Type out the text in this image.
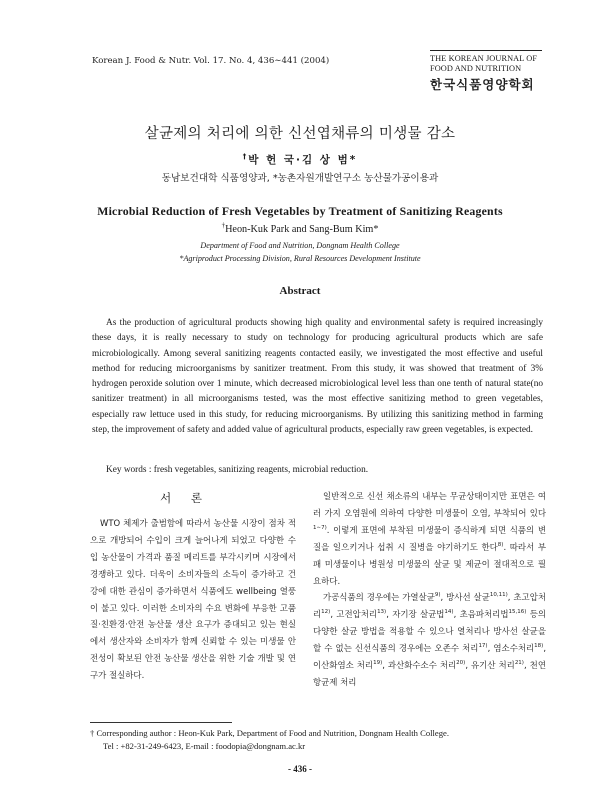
Korean J. Food & Nutr. Vol. 17. No. 4, 436∼441 (2004)	THE KOREAN JOURNAL OF
FOOD AND NUTRITION
한국식품영양학회
살균제의 처리에 의한 신선엽채류의 미생물 감소
†박 헌 국·김 상 범*
동남보건대학 식품영양과, *농촌자원개발연구소 농산물가공이용과
Microbial Reduction of Fresh Vegetables by Treatment of Sanitizing Reagents
†Heon-Kuk Park and Sang-Bum Kim*
Department of Food and Nutrition, Dongnam Health College
*Agriproduct Processing Division, Rural Resources Development Institute
Abstract

As the production of agricultural products showing high quality and environmental safety is required increasingly these days, it is really necessary to study on technology for producing agricultural products which are safe microbiologically. Among several sanitizing reagents contacted easily, we investigated the most effective and useful method for reducing microorganisms by sanitizer treatment. From this study, it was showed that treatment of 3% hydrogen peroxide solution over 1 minute, which decreased microbiological level less than one tenth of natural state(no sanitizer treatment) in all microorganisms tested, was the most effective sanitizing method to green vegetables, especially raw lettuce used in this study, for reducing microorganisms. By utilizing this sanitizing method in farming step, the improvement of safety and added value of agricultural products, especially raw green vegetables, is expected.

Key words : fresh vegetables, sanitizing reagents, microbial reduction.
서 론

WTO 체제가 출범함에 따라서 농산물 시장이 점차 적으로 개방되어 수입이 크게 늘어나게 되었고 다양한 수입 농산물이 가격과 품질 메리트를 부각시키며 시장에서 경쟁하고 있다. 더욱이 소비자들의 소득이 증가하고 건강에 대한 관심이 증가하면서 식품에도 wellbeing 열풍이 불고 있다. 이러한 소비자의 수요 변화에 부응한 고품질·친환경·안전 농산물 생산 요구가 증대되고 있는 현실에서 생산자와 소비자가 함께 신뢰할 수 있는 미생물 안전성이 확보된 안전 농산물 생산을 위한 기술 개발 및 연구가 절실하다.

일반적으로 신선 채소류의 내부는 무균상태이지만 표면은 여러 가지 오염원에 의하여 다양한 미생물이 오염, 부착되어 있다$^{1\sim 7)}$. 이렇게 표면에 부착된 미생물이 증식하게 되면 식품의 변질을 일으키거나 섭취 시 질병을 야기하기도 한다$^{8)}$. 따라서 부패 미생물이나 병원성 미생물의 살균 및 제균이 절대적으로 필요하다.

가공식품의 경우에는 가열살균$^{9)}$, 방사선 살균$^{10,11)}$, 초고압처리$^{12)}$, 고전압처리$^{13)}$, 자기장 살균법$^{14)}$, 초음파처리법$^{15,16)}$ 등의 다양한 살균 방법을 적용할 수 있으나 열처리나 방사선 살균을 할 수 없는 신선식품의 경우에는 오존수 처리$^{17)}$, 염소수처리$^{18)}$, 이산화염소 처리$^{19)}$, 과산화수소수 처리$^{20)}$, 유기산 처리$^{21)}$, 천연항균제 처리

† Corresponding author : Heon-Kuk Park, Department of Food and Nutrition, Dongnam Health College.
Tel : +82-31-249-6423, E-mail : foodopia@dongnam.ac.kr
- 436 -
